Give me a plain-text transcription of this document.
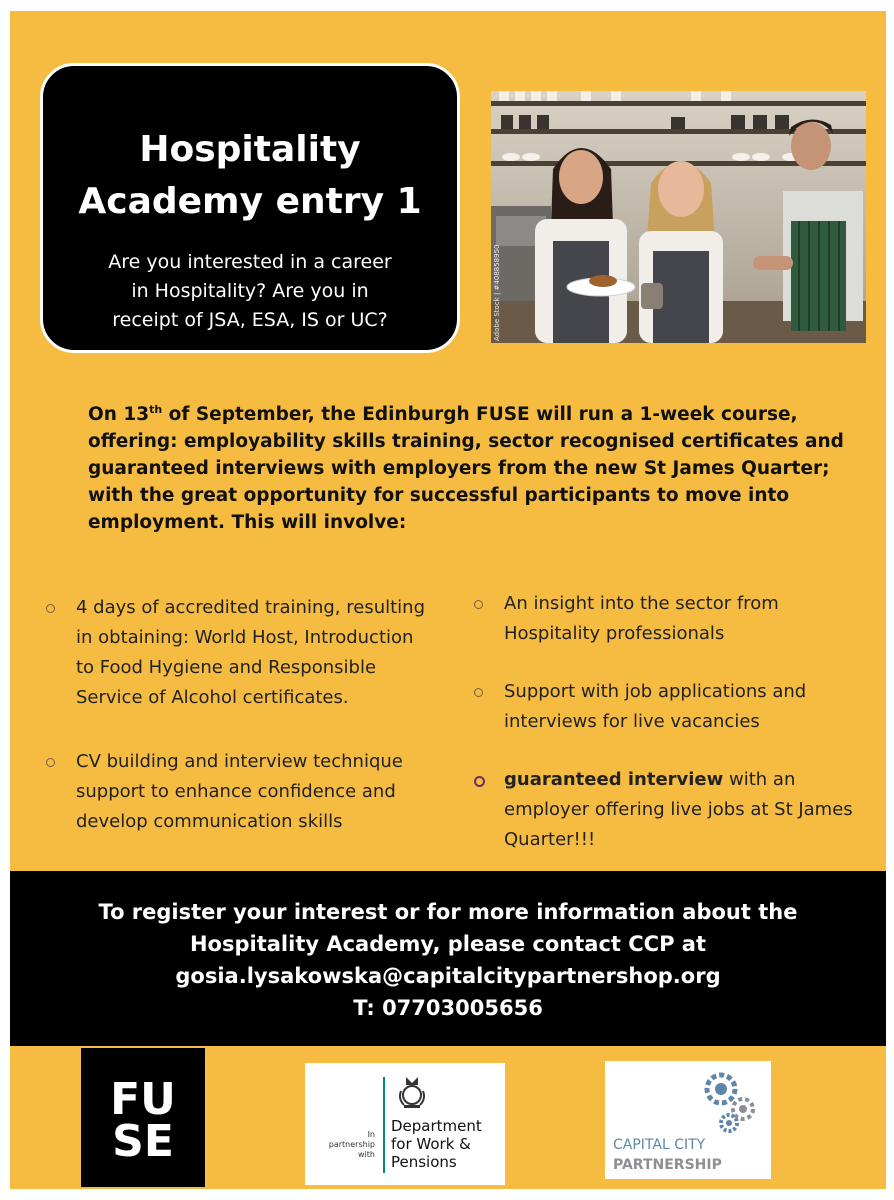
Hospitality
Academy entry 1

Are you interested in a career
in Hospitality? Are you in
receipt of JSA, ESA, IS or UC?	Adobe Stock | #408858950
On 13th of September, the Edinburgh FUSE will run a 1-week course, offering: employability skills training, sector recognised certificates and guaranteed interviews with employers from the new St James Quarter; with the great opportunity for successful participants to move into employment. This will involve:
4 days of accredited training, resulting in obtaining: World Host, Introduction to Food Hygiene and Responsible Service of Alcohol certificates.
CV building and interview technique support to enhance confidence and develop communication skills
An insight into the sector from Hospitality professionals
Support with job applications and interviews for live vacancies
guaranteed interview with an employer offering live jobs at St James Quarter!!!
To register your interest or for more information about the
Hospitality Academy, please contact CCP at
gosia.lysakowska@capitalcitypartnershop.org
T: 07703005656
FU
SE	In
partnership
with
Department
for Work &
Pensions
CAPITAL CITY
PARTNERSHIP
